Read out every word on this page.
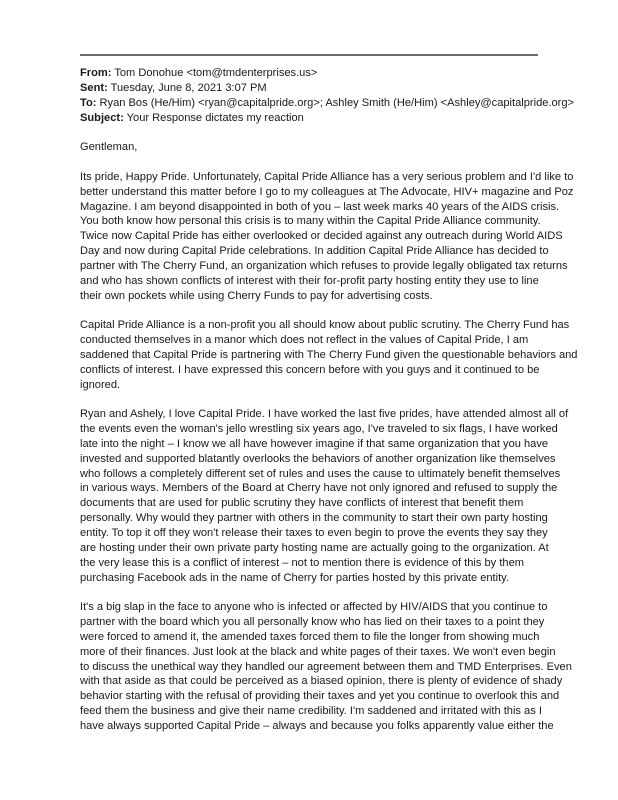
From: Tom Donohue <tom@tmdenterprises.us>
Sent: Tuesday, June 8, 2021 3:07 PM
To: Ryan Bos (He/Him) <ryan@capitalpride.org>; Ashley Smith (He/Him) <Ashley@capitalpride.org>
Subject: Your Response dictates my reaction
Gentleman,
Its pride, Happy Pride. Unfortunately, Capital Pride Alliance has a very serious problem and I'd like to
better understand this matter before I go to my colleagues at The Advocate, HIV+ magazine and Poz
Magazine. I am beyond disappointed in both of you – last week marks 40 years of the AIDS crisis.
You both know how personal this crisis is to many within the Capital Pride Alliance community.
Twice now Capital Pride has either overlooked or decided against any outreach during World AIDS
Day and now during Capital Pride celebrations. In addition Capital Pride Alliance has decided to
partner with The Cherry Fund, an organization which refuses to provide legally obligated tax returns
and who has shown conflicts of interest with their for-profit party hosting entity they use to line
their own pockets while using Cherry Funds to pay for advertising costs.
Capital Pride Alliance is a non-profit you all should know about public scrutiny. The Cherry Fund has
conducted themselves in a manor which does not reflect in the values of Capital Pride, I am
saddened that Capital Pride is partnering with The Cherry Fund given the questionable behaviors and
conflicts of interest. I have expressed this concern before with you guys and it continued to be
ignored.
Ryan and Ashely, I love Capital Pride. I have worked the last five prides, have attended almost all of
the events even the woman's jello wrestling six years ago, I've traveled to six flags, I have worked
late into the night – I know we all have however imagine if that same organization that you have
invested and supported blatantly overlooks the behaviors of another organization like themselves
who follows a completely different set of rules and uses the cause to ultimately benefit themselves
in various ways. Members of the Board at Cherry have not only ignored and refused to supply the
documents that are used for public scrutiny they have conflicts of interest that benefit them
personally. Why would they partner with others in the community to start their own party hosting
entity. To top it off they won't release their taxes to even begin to prove the events they say they
are hosting under their own private party hosting name are actually going to the organization. At
the very lease this is a conflict of interest – not to mention there is evidence of this by them
purchasing Facebook ads in the name of Cherry for parties hosted by this private entity.
It's a big slap in the face to anyone who is infected or affected by HIV/AIDS that you continue to
partner with the board which you all personally know who has lied on their taxes to a point they
were forced to amend it, the amended taxes forced them to file the longer from showing much
more of their finances. Just look at the black and white pages of their taxes. We won't even begin
to discuss the unethical way they handled our agreement between them and TMD Enterprises. Even
with that aside as that could be perceived as a biased opinion, there is plenty of evidence of shady
behavior starting with the refusal of providing their taxes and yet you continue to overlook this and
feed them the business and give their name credibility. I'm saddened and irritated with this as I
have always supported Capital Pride – always and because you folks apparently value either the
